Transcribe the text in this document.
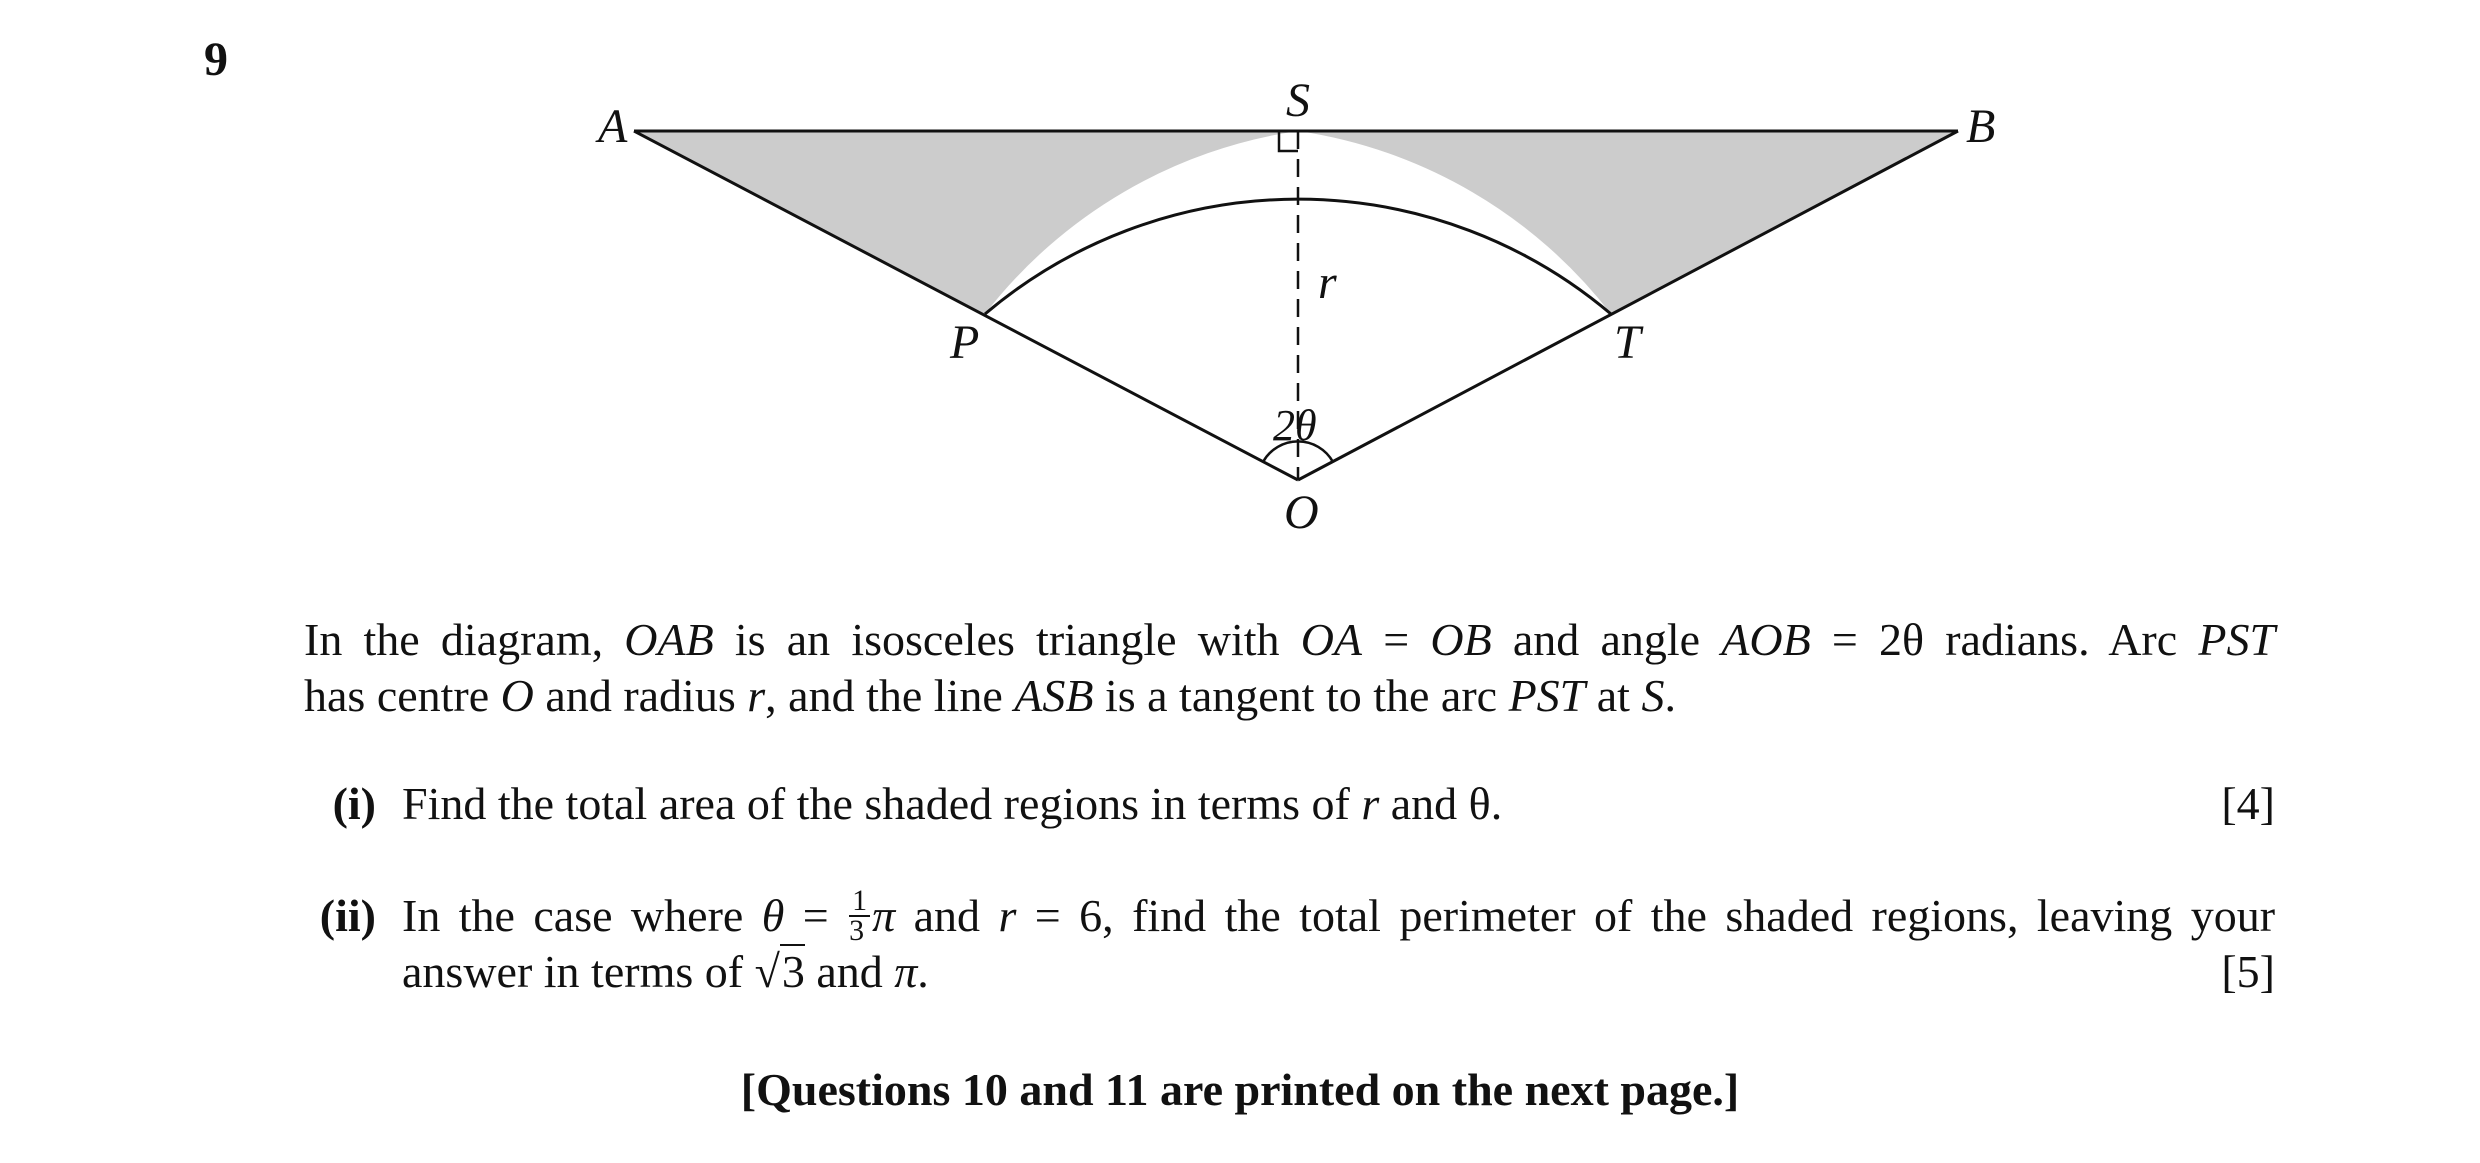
9
A	S	B
r
P	T
2θ
O

In the diagram, OAB is an isosceles triangle with OA = OB and angle AOB = 2θ radians. Arc PST

has centre O and radius r, and the line ASB is a tangent to the arc PST at S.

(i) Find the total area of the shaded regions in terms of r and θ.	[4]
(ii) In the case where $\theta = \frac{1}{3}$ π and r = 6, find the total perimeter of the shaded regions, leaving your
answer in terms of √3 and π.	[5]
[Questions 10 and 11 are printed on the next page.]
